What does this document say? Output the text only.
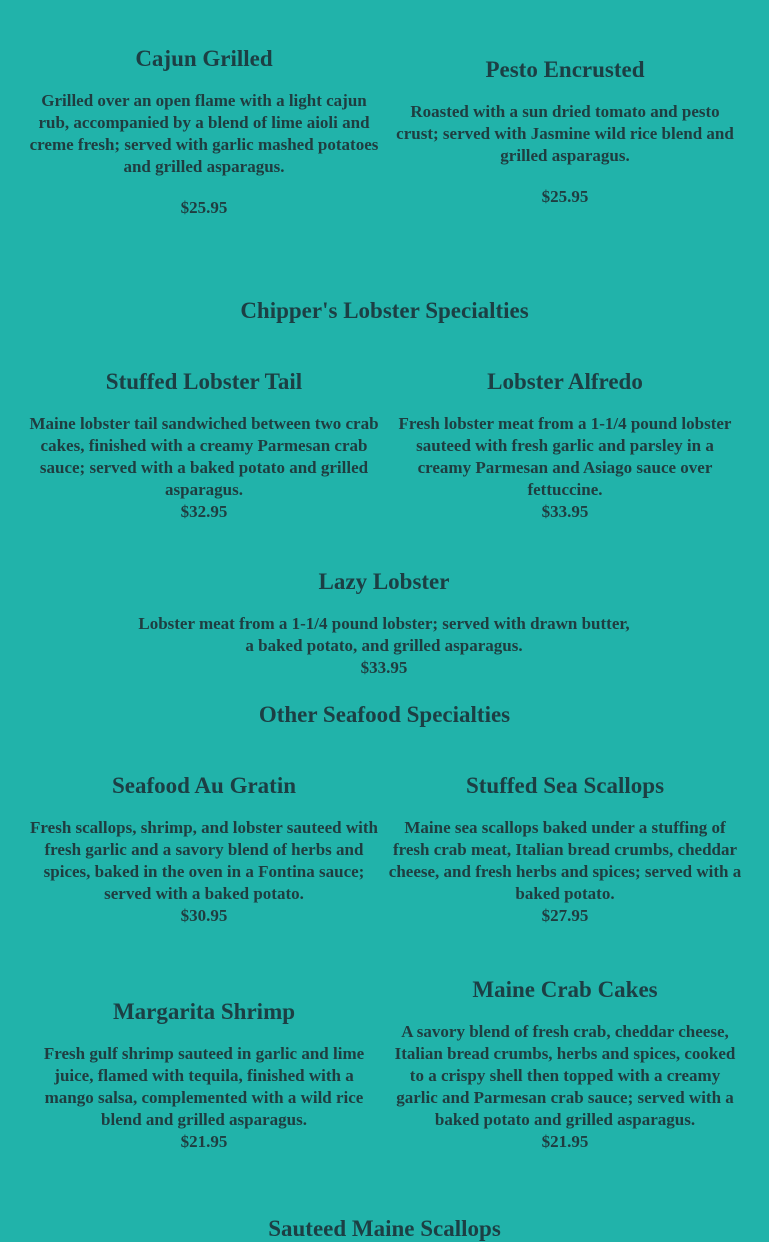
Cajun Grilled

Grilled over an open flame with a light cajun rub, accompanied by a blend of lime aioli and creme fresh; served with garlic mashed potatoes and grilled asparagus.

$25.95

Pesto Encrusted

Roasted with a sun dried tomato and pesto crust; served with Jasmine wild rice blend and grilled asparagus.

$25.95

Chipper's Lobster Specialties
Stuffed Lobster Tail

Maine lobster tail sandwiched between two crab cakes, finished with a creamy Parmesan crab sauce; served with a baked potato and grilled asparagus.

$32.95

Lobster Alfredo

Fresh lobster meat from a 1-1/4 pound lobster sauteed with fresh garlic and parsley in a creamy Parmesan and Asiago sauce over fettuccine.

$33.95

Lazy Lobster

Lobster meat from a 1-1/4 pound lobster; served with drawn butter, a baked potato, and grilled asparagus.

$33.95

Other Seafood Specialties
Seafood Au Gratin

Fresh scallops, shrimp, and lobster sauteed with fresh garlic and a savory blend of herbs and spices, baked in the oven in a Fontina sauce; served with a baked potato.

$30.95

Stuffed Sea Scallops

Maine sea scallops baked under a stuffing of fresh crab meat, Italian bread crumbs, cheddar cheese, and fresh herbs and spices; served with a baked potato.

$27.95

Margarita Shrimp

Fresh gulf shrimp sauteed in garlic and lime juice, flamed with tequila, finished with a mango salsa, complemented with a wild rice blend and grilled asparagus.

$21.95

Maine Crab Cakes

A savory blend of fresh crab, cheddar cheese, Italian bread crumbs, herbs and spices, cooked to a crispy shell then topped with a creamy garlic and Parmesan crab sauce; served with a baked potato and grilled asparagus.

$21.95

Sauteed Maine Scallops
